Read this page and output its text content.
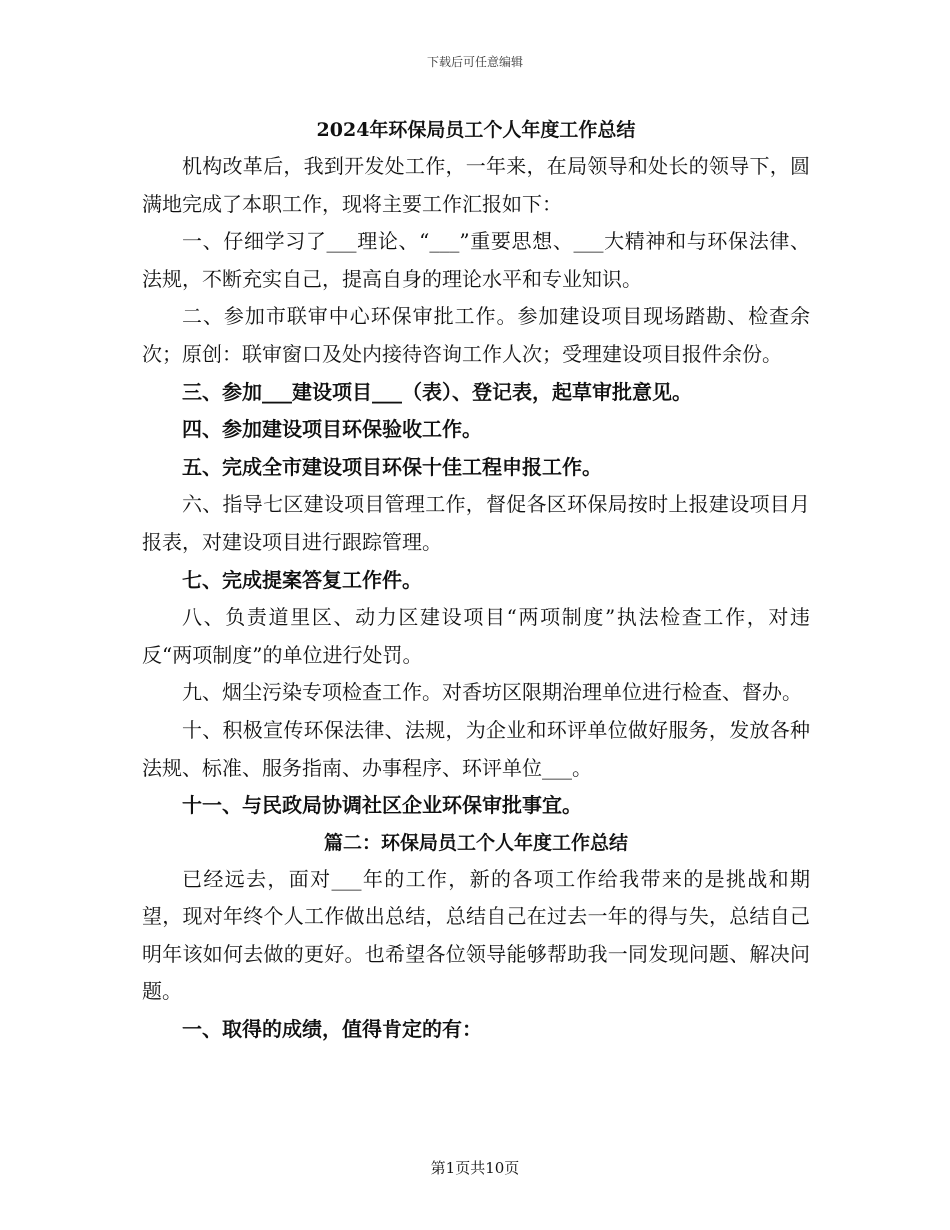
下载后可任意编辑
2024年环保局员工个人年度工作总结

机构改革后，我到开发处工作，一年来，在局领导和处长的领导下，圆满地完成了本职工作，现将主要工作汇报如下：

一、仔细学习了___理论、“___”重要思想、___大精神和与环保法律、法规，不断充实自己，提高自身的理论水平和专业知识。

二、参加市联审中心环保审批工作。参加建设项目现场踏勘、检查余次；原创：联审窗口及处内接待咨询工作人次；受理建设项目报件余份。

三、参加___建设项目___（表）、登记表，起草审批意见。

四、参加建设项目环保验收工作。

五、完成全市建设项目环保十佳工程申报工作。

六、指导七区建设项目管理工作，督促各区环保局按时上报建设项目月报表，对建设项目进行跟踪管理。

七、完成提案答复工作件。

八、负责道里区、动力区建设项目“两项制度”执法检查工作，对违反“两项制度”的单位进行处罚。

九、烟尘污染专项检查工作。对香坊区限期治理单位进行检查、督办。

十、积极宣传环保法律、法规，为企业和环评单位做好服务，发放各种法规、标准、服务指南、办事程序、环评单位___。

十一、与民政局协调社区企业环保审批事宜。

篇二：环保局员工个人年度工作总结

已经远去，面对___年的工作，新的各项工作给我带来的是挑战和期望，现对年终个人工作做出总结，总结自己在过去一年的得与失，总结自己明年该如何去做的更好。也希望各位领导能够帮助我一同发现问题、解决问题。

一、取得的成绩，值得肯定的有：

第1页共10页
